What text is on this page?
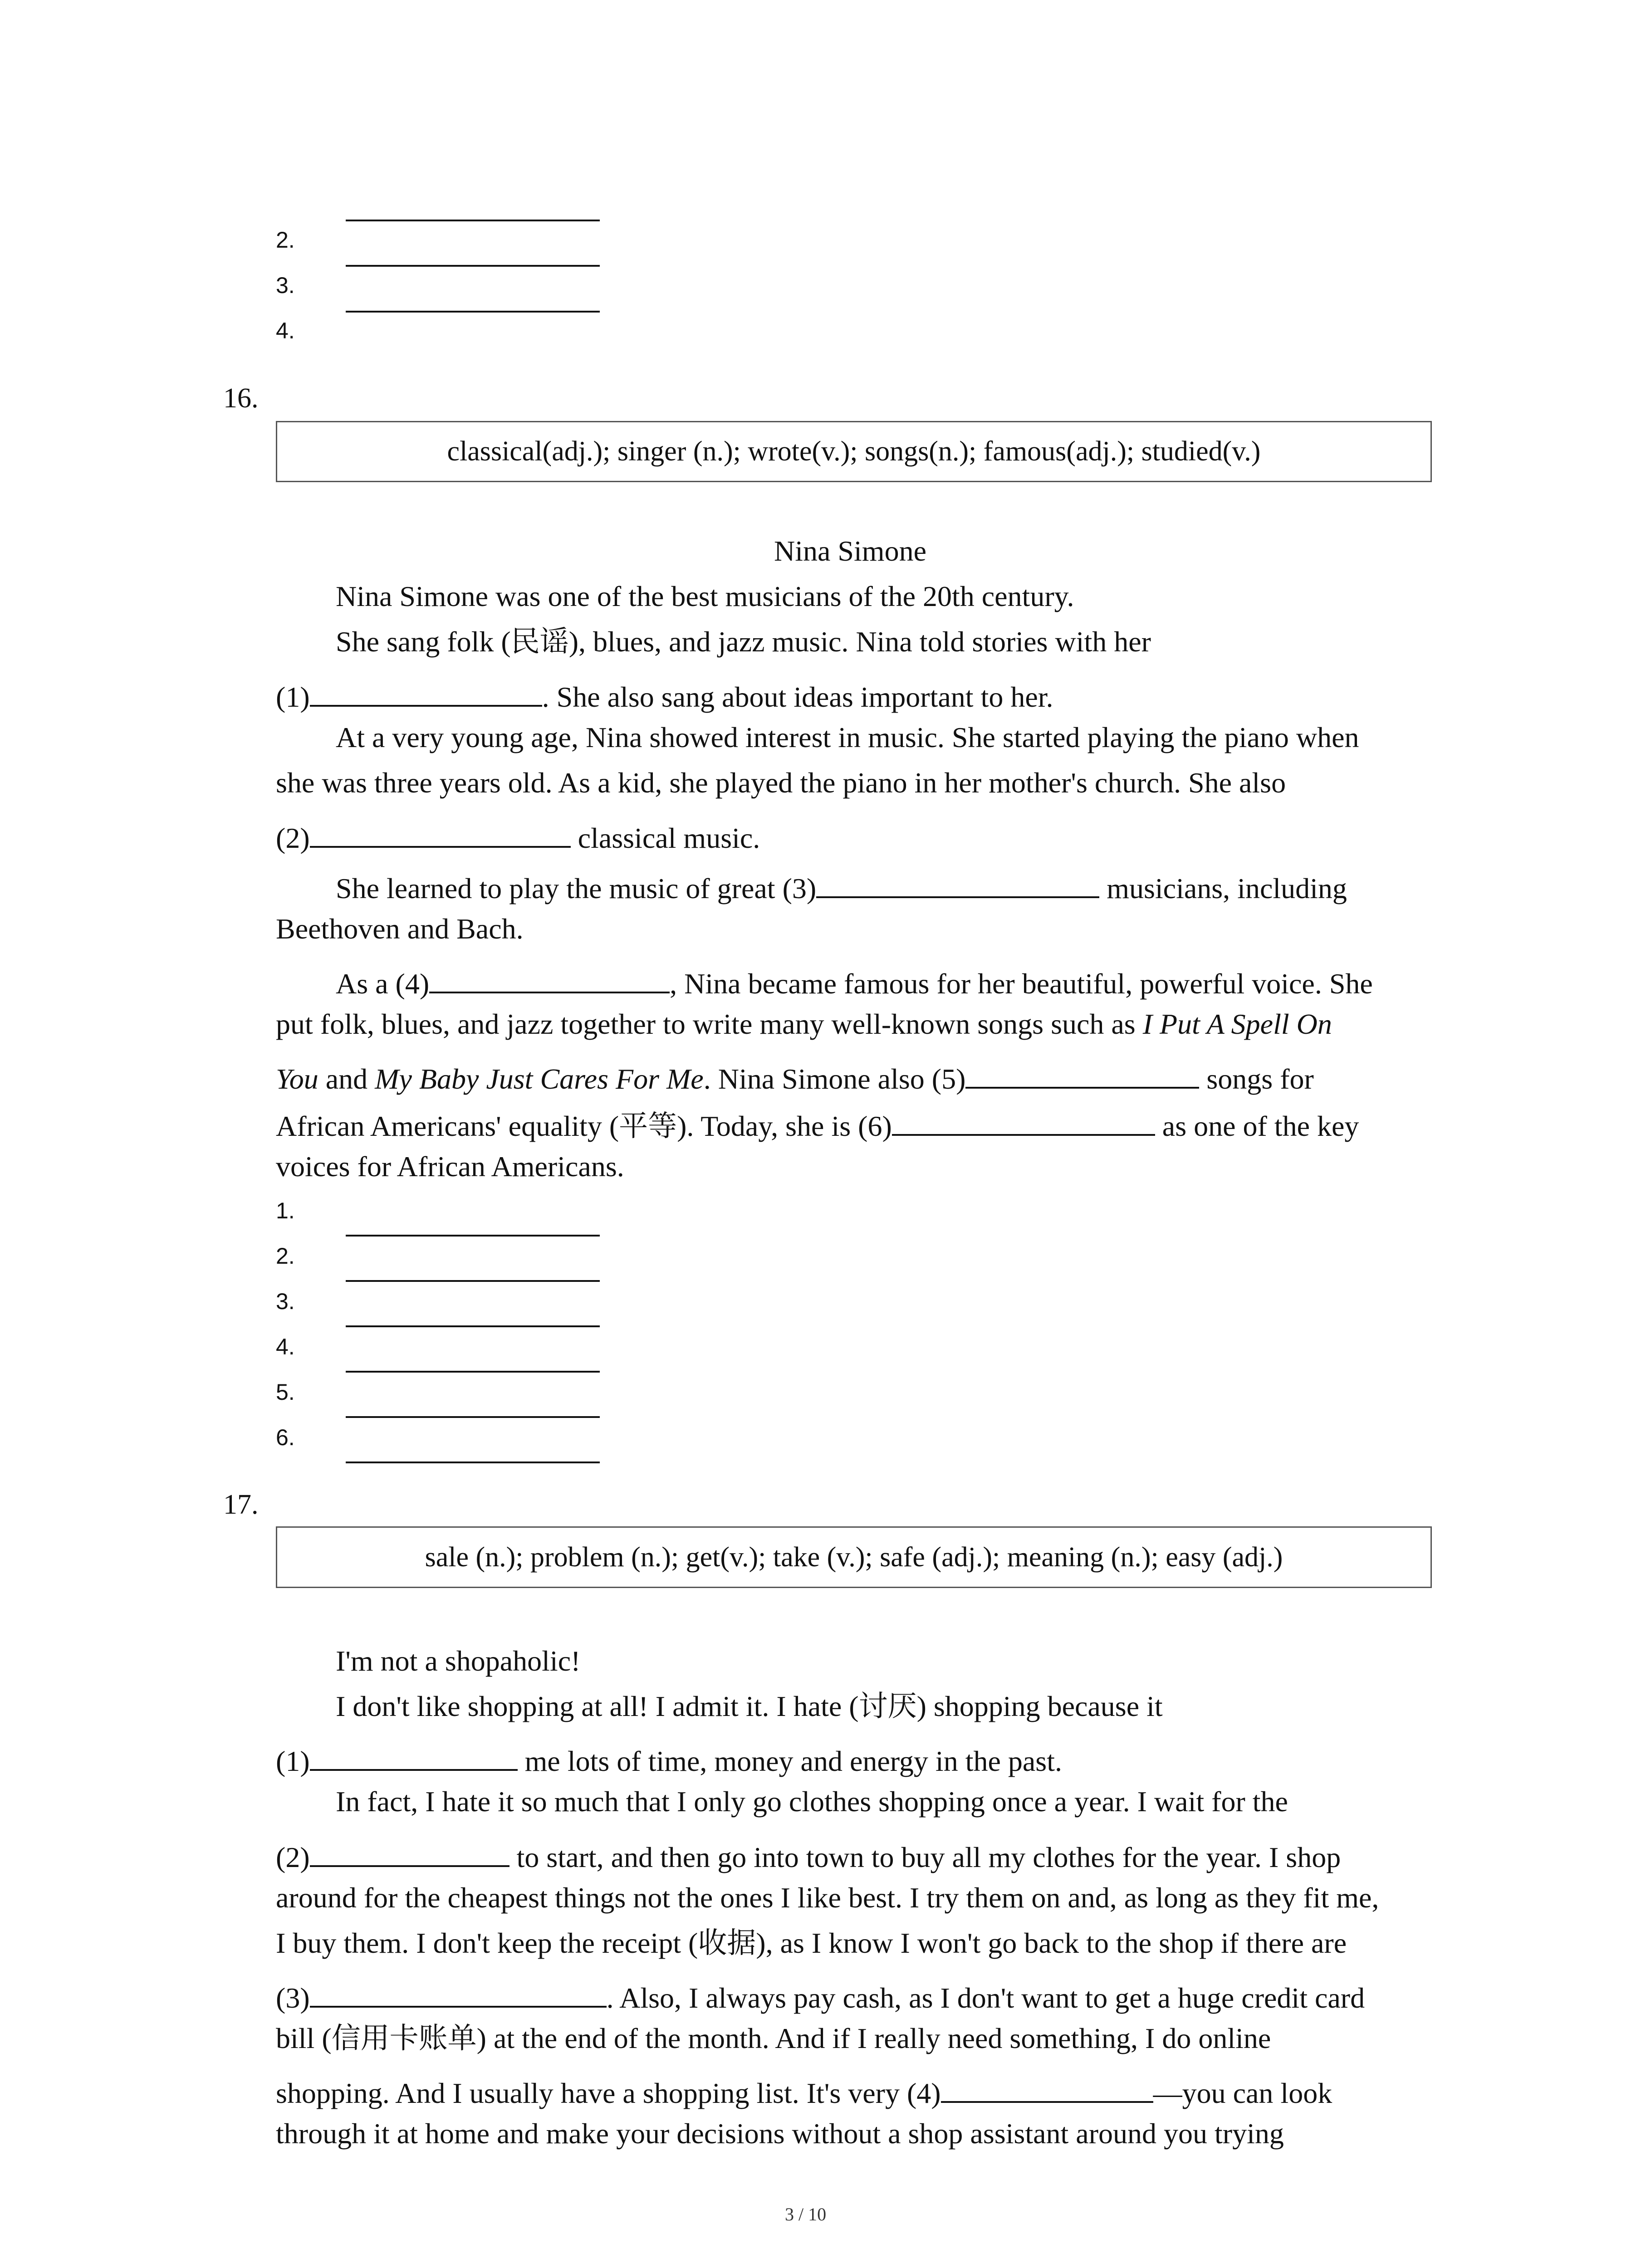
2.
3.
4.
16.
classical(adj.); singer (n.); wrote(v.); songs(n.); famous(adj.); studied(v.)
Nina Simone
Nina Simone was one of the best musicians of the 20th century.
She sang folk (民谣), blues, and jazz music. Nina told stories with her
(1)	. She also sang about ideas important to her.
At a very young age, Nina showed interest in music. She started playing the piano when
she was three years old. As a kid, she played the piano in her mother's church. She also
(2)	classical music.
She learned to play the music of great (3)	musicians, including
Beethoven and Bach.
As a (4)	, Nina became famous for her beautiful, powerful voice. She
put folk, blues, and jazz together to write many well-known songs such as I Put A Spell On
You and My Baby Just Cares For Me. Nina Simone also (5)	songs for
African Americans' equality (平等). Today, she is (6)	as one of the key
voices for African Americans.
1.
2.
3.
4.
5.
6.
17.
sale (n.); problem (n.); get(v.); take (v.); safe (adj.); meaning (n.); easy (adj.)
I'm not a shopaholic!
I don't like shopping at all! I admit it. I hate (讨厌) shopping because it
(1)	me lots of time, money and energy in the past.
In fact, I hate it so much that I only go clothes shopping once a year. I wait for the
(2)	to start, and then go into town to buy all my clothes for the year. I shop
around for the cheapest things not the ones I like best. I try them on and, as long as they fit me,
I buy them. I don't keep the receipt (收据), as I know I won't go back to the shop if there are
(3)	. Also, I always pay cash, as I don't want to get a huge credit card
bill (信用卡账单) at the end of the month. And if I really need something, I do online
shopping. And I usually have a shopping list. It's very (4)	—you can look
through it at home and make your decisions without a shop assistant around you trying
3 / 10
